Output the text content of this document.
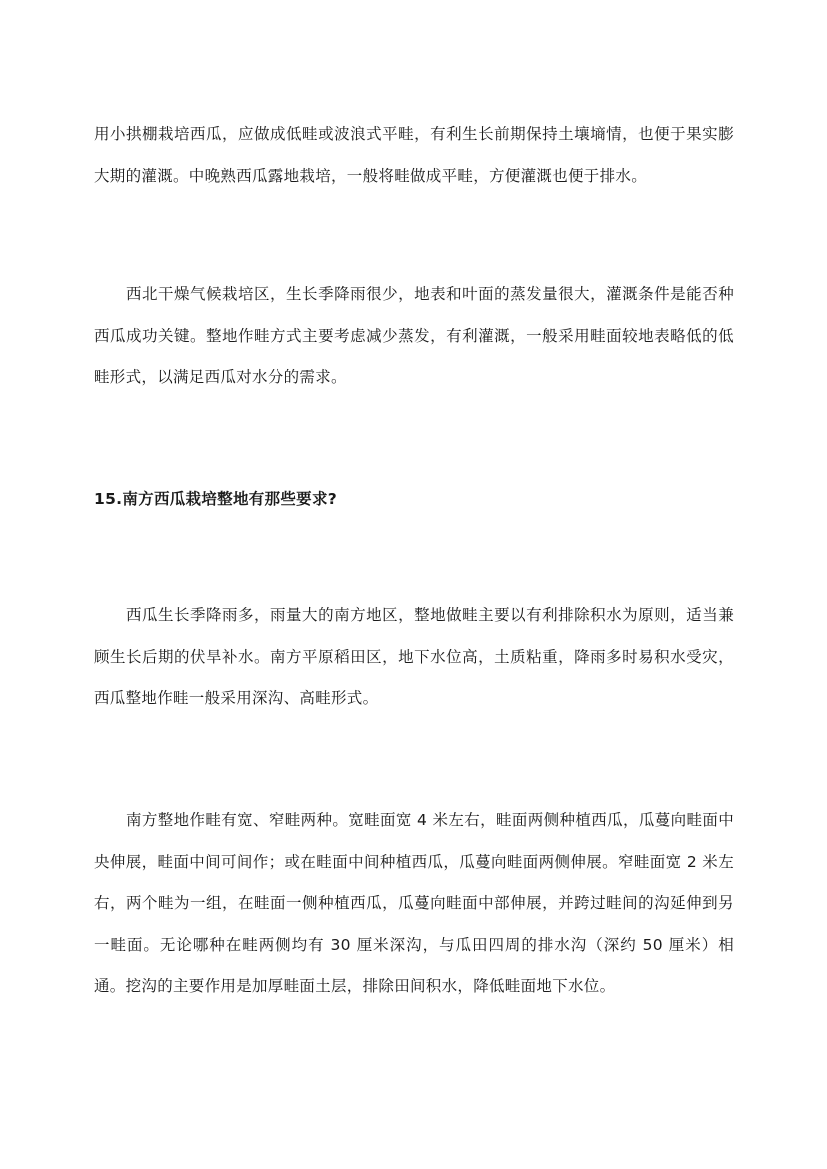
用小拱棚栽培西瓜，应做成低畦或波浪式平畦，有利生长前期保持土壤墒情，也便于果实膨大期的灌溉。中晚熟西瓜露地栽培，一般将畦做成平畦，方便灌溉也便于排水。

西北干燥气候栽培区，生长季降雨很少，地表和叶面的蒸发量很大，灌溉条件是能否种西瓜成功关键。整地作畦方式主要考虑减少蒸发，有利灌溉，一般采用畦面较地表略低的低畦形式，以满足西瓜对水分的需求。

15.南方西瓜栽培整地有那些要求?

西瓜生长季降雨多，雨量大的南方地区，整地做畦主要以有利排除积水为原则，适当兼顾生长后期的伏旱补水。南方平原稻田区，地下水位高，土质粘重，降雨多时易积水受灾，西瓜整地作畦一般采用深沟、高畦形式。

南方整地作畦有宽、窄畦两种。宽畦面宽 4 米左右，畦面两侧种植西瓜，瓜蔓向畦面中央伸展，畦面中间可间作；或在畦面中间种植西瓜，瓜蔓向畦面两侧伸展。窄畦面宽 2 米左右，两个畦为一组，在畦面一侧种植西瓜，瓜蔓向畦面中部伸展，并跨过畦间的沟延伸到另一畦面。无论哪种在畦两侧均有 30 厘米深沟，与瓜田四周的排水沟（深约 50 厘米）相通。挖沟的主要作用是加厚畦面土层，排除田间积水，降低畦面地下水位。
